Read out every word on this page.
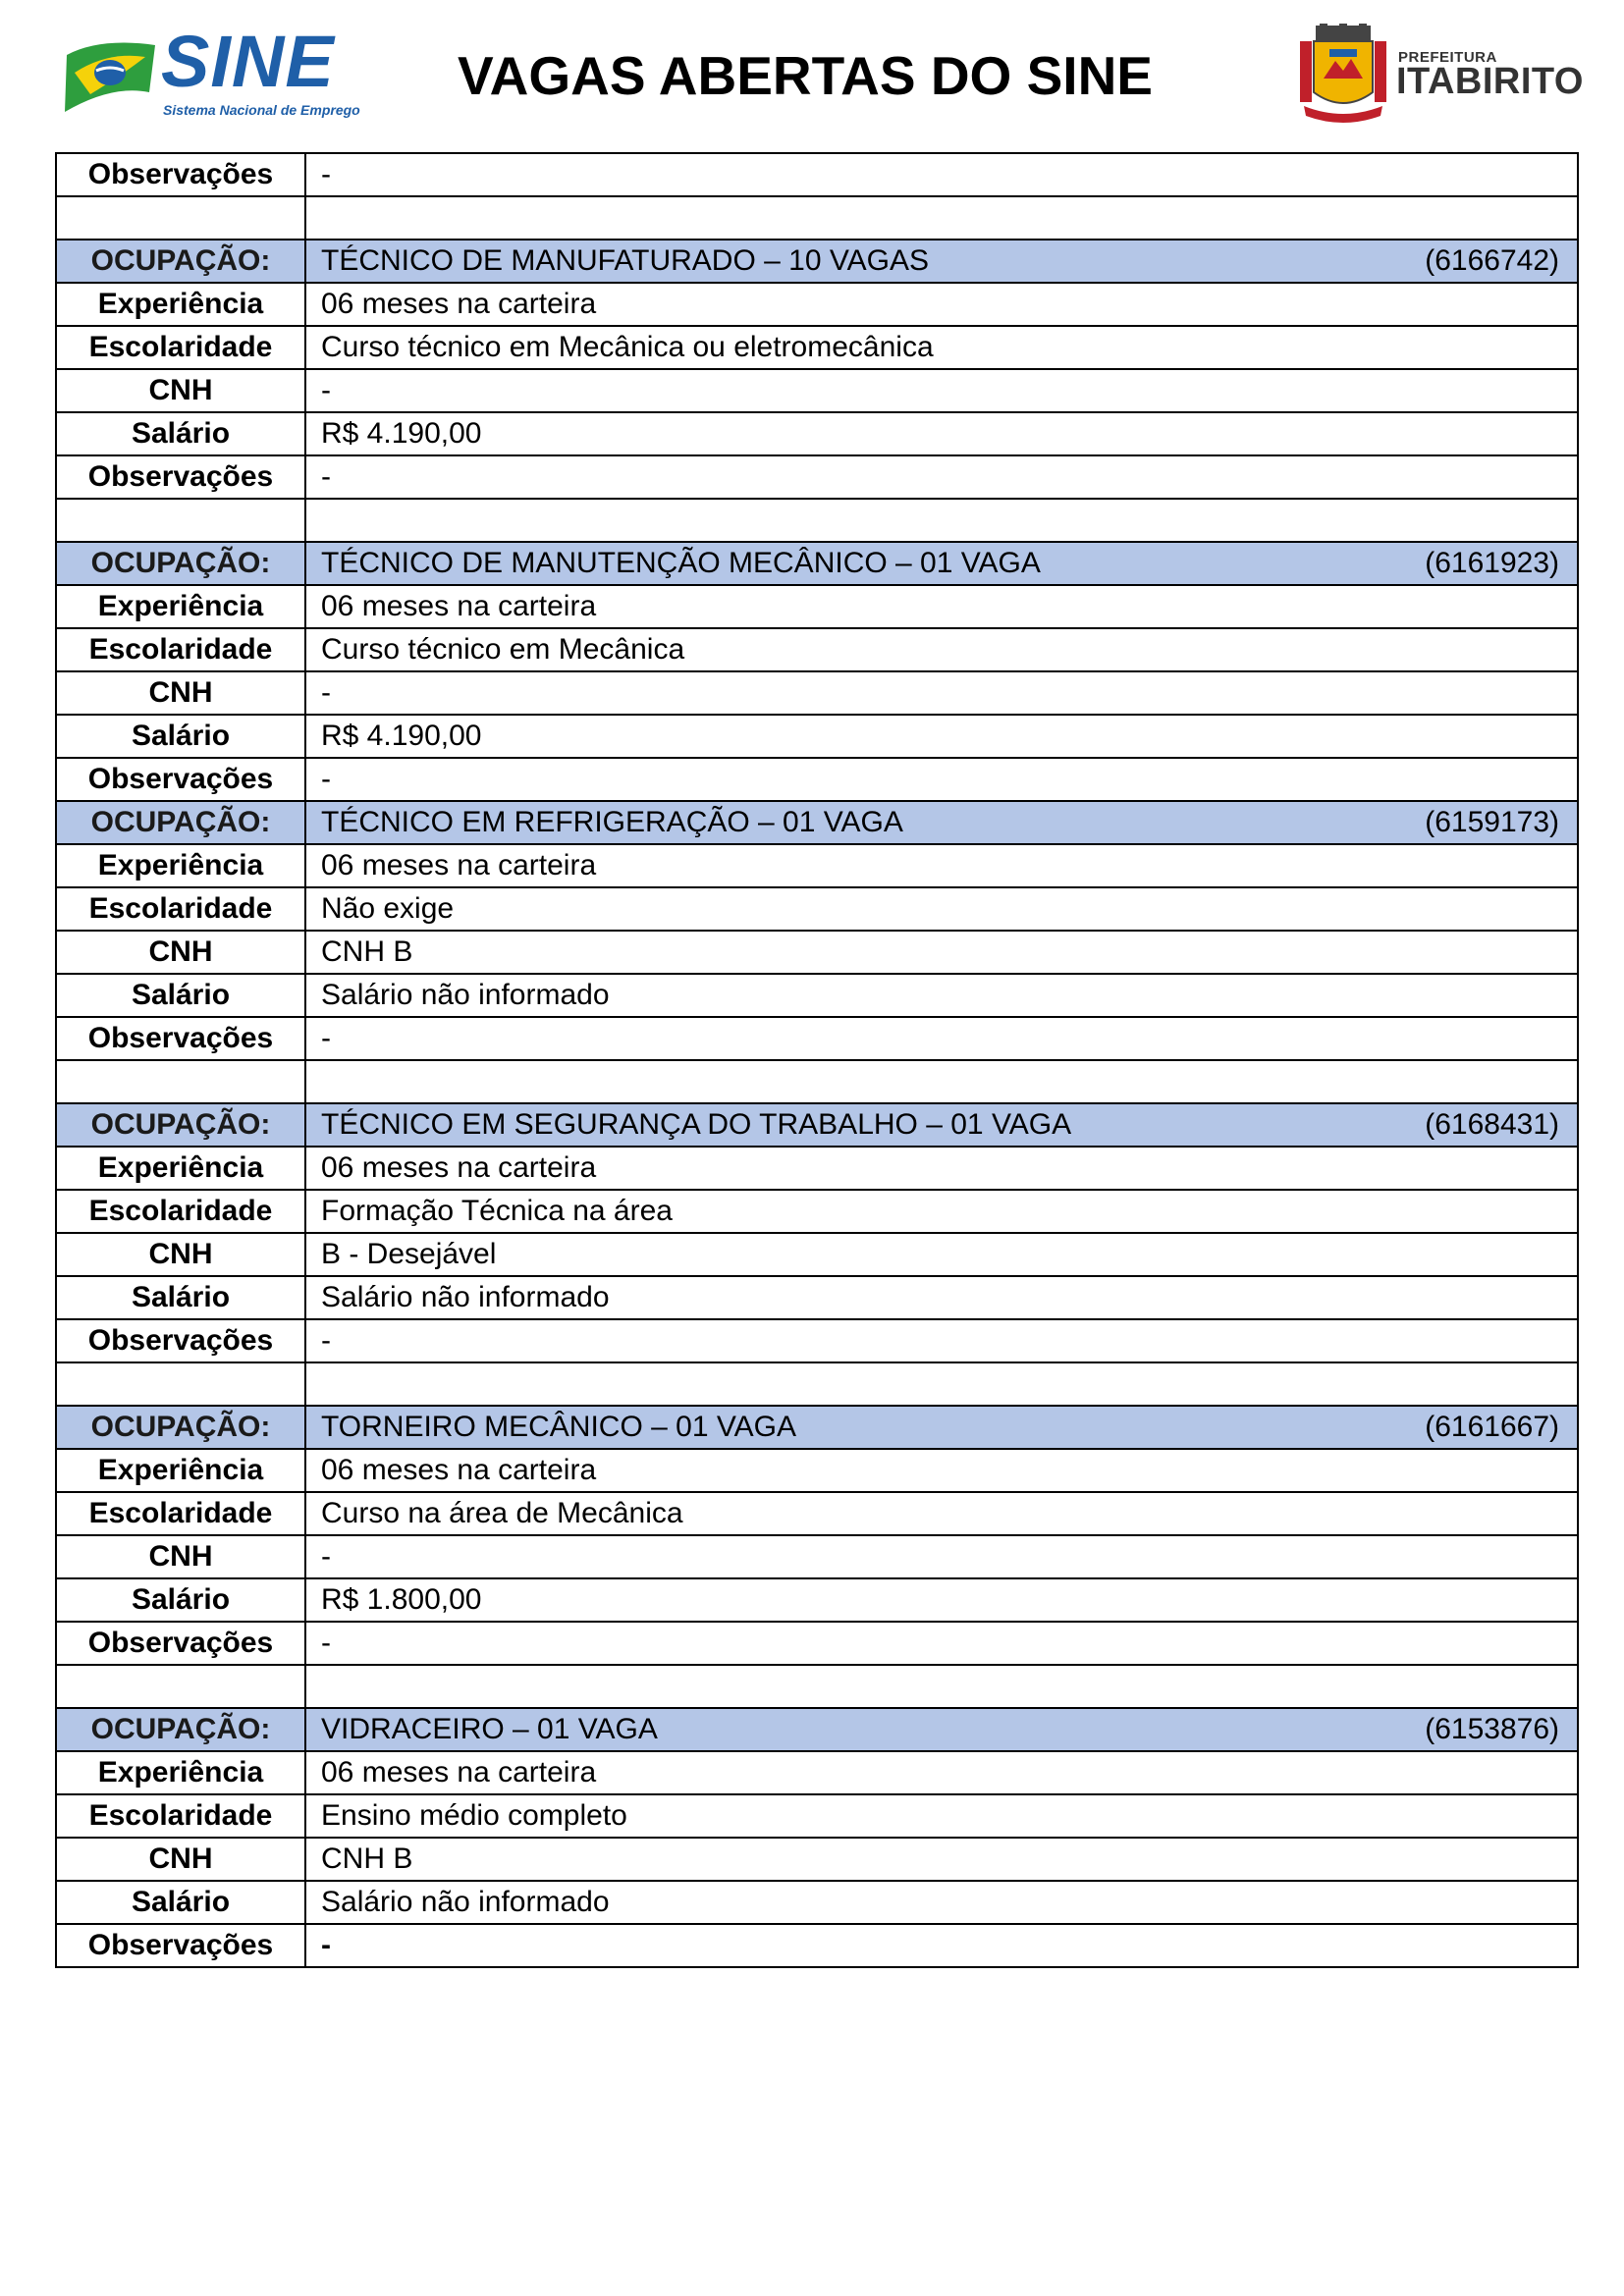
SINE
Sistema Nacional de Emprego
VAGAS ABERTAS DO SINE	PREFEITURA
ITABIRITO
Observações	-

OCUPAÇÃO:	TÉCNICO DE MANUFATURADO – 10 VAGAS (6166742)

Experiência	06 meses na carteira
Escolaridade	Curso técnico em Mecânica ou eletromecânica
CNH	-
Salário	R$ 4.190,00
Observações	-

OCUPAÇÃO:	TÉCNICO DE MANUTENÇÃO MECÂNICO – 01 VAGA (6161923)

Experiência	06 meses na carteira
Escolaridade	Curso técnico em Mecânica
CNH	-
Salário	R$ 4.190,00
Observações	-
OCUPAÇÃO:	TÉCNICO EM REFRIGERAÇÃO – 01 VAGA (6159173)

Experiência	06 meses na carteira
Escolaridade	Não exige
CNH	CNH B
Salário	Salário não informado
Observações	-

OCUPAÇÃO:	TÉCNICO EM SEGURANÇA DO TRABALHO – 01 VAGA (6168431)

Experiência	06 meses na carteira
Escolaridade	Formação Técnica na área
CNH	B - Desejável
Salário	Salário não informado
Observações	-

OCUPAÇÃO:	TORNEIRO MECÂNICO – 01 VAGA (6161667)

Experiência	06 meses na carteira
Escolaridade	Curso na área de Mecânica
CNH	-
Salário	R$ 1.800,00
Observações	-

OCUPAÇÃO:	VIDRACEIRO – 01 VAGA (6153876)

Experiência	06 meses na carteira
Escolaridade	Ensino médio completo
CNH	CNH B
Salário	Salário não informado
Observações	-
